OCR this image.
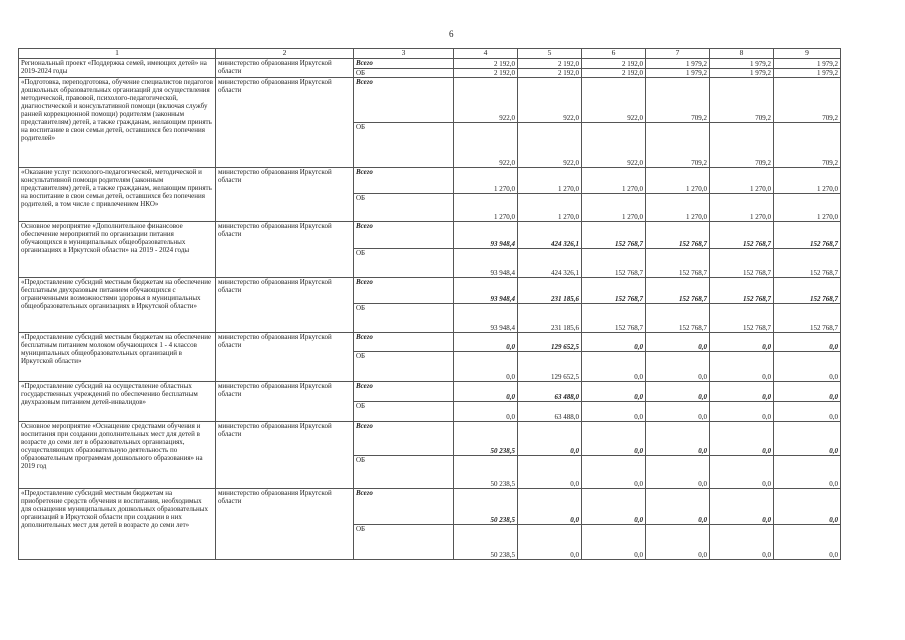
6
1	2	3	4	5	6	7	8	9
Региональный проект «Поддержка семей, имеющих детей» на 2019-2024 годы	министерство образования Иркутской области	Всего	2 192,0	2 192,0	2 192,0	1 979,2	1 979,2	1 979,2
		ОБ	2 192,0	2 192,0	2 192,0	1 979,2	1 979,2	1 979,2
«Подготовка, переподготовка, обучение специалистов педагогов дошкольных образовательных организаций для осуществления методической, правовой, психолого-педагогической, диагностической и консультативной помощи (включая службу ранней коррекционной помощи) родителям (законным представителям) детей, а также гражданам, желающим принять на воспитание в свои семьи детей, оставшихся без попечения родителей»	министерство образования Иркутской области	Всего	922,0	922,0	922,0	709,2	709,2	709,2
		ОБ	922,0	922,0	922,0	709,2	709,2	709,2
«Оказание услуг психолого-педагогической, методической и консультативной помощи родителям (законным представителям) детей, а также гражданам, желающим принять на воспитание в свои семьи детей, оставшихся без попечения родителей, в том числе с привлечением НКО»	министерство образования Иркутской области	Всего	1 270,0	1 270,0	1 270,0	1 270,0	1 270,0	1 270,0
		ОБ	1 270,0	1 270,0	1 270,0	1 270,0	1 270,0	1 270,0
Основное мероприятие «Дополнительное финансовое обеспечение мероприятий по организации питания обучающихся в муниципальных общеобразовательных организациях в Иркутской области» на 2019 - 2024 годы	министерство образования Иркутской области	Всего	93 948,4	424 326,1	152 768,7	152 768,7	152 768,7	152 768,7
		ОБ	93 948,4	424 326,1	152 768,7	152 768,7	152 768,7	152 768,7
«Предоставление субсидий местным бюджетам на обеспечение бесплатным двухразовым питанием обучающихся с ограниченными возможностями здоровья в муниципальных общеобразовательных организациях в Иркутской области»	министерство образования Иркутской области	Всего	93 948,4	231 185,6	152 768,7	152 768,7	152 768,7	152 768,7
		ОБ	93 948,4	231 185,6	152 768,7	152 768,7	152 768,7	152 768,7
«Предоставление субсидий местным бюджетам на обеспечение бесплатным питанием молоком обучающихся 1 - 4 классов муниципальных общеобразовательных организаций в Иркутской области»	министерство образования Иркутской области	Всего	0,0	129 652,5	0,0	0,0	0,0	0,0
		ОБ	0,0	129 652,5	0,0	0,0	0,0	0,0
«Предоставление субсидий на осуществление областных государственных учреждений по обеспечению бесплатным двухразовым питанием детей-инвалидов»	министерство образования Иркутской области	Всего	0,0	63 488,0	0,0	0,0	0,0	0,0
		ОБ	0,0	63 488,0	0,0	0,0	0,0	0,0
Основное мероприятие «Оснащение средствами обучения и воспитания при создании дополнительных мест для детей в возрасте до семи лет в образовательных организациях, осуществляющих образовательную деятельность по образовательным программам дошкольного образования» на 2019 год	министерство образования Иркутской области	Всего	50 238,5	0,0	0,0	0,0	0,0	0,0
		ОБ	50 238,5	0,0	0,0	0,0	0,0	0,0
«Предоставление субсидий местным бюджетам на приобретение средств обучения и воспитания, необходимых для оснащения муниципальных дошкольных образовательных организаций в Иркутской области при создании в них дополнительных мест для детей в возрасте до семи лет»	министерство образования Иркутской области	Всего	50 238,5	0,0	0,0	0,0	0,0	0,0
		ОБ	50 238,5	0,0	0,0	0,0	0,0	0,0
